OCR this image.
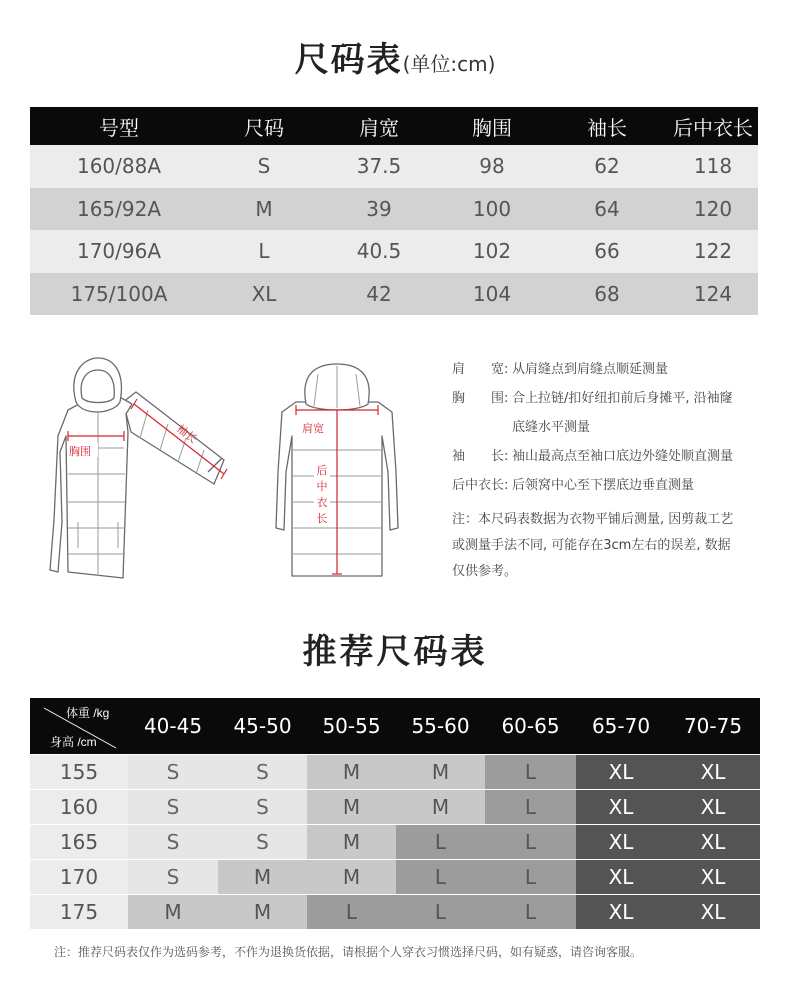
尺码表(单位:cm)
号型	尺码	肩宽	胸围	袖长	后中衣长
160/88A	S	37.5	98	62	118
165/92A	M	39	100	64	120
170/96A	L	40.5	102	66	122
175/100A	XL	42	104	68	124
胸围
袖长	肩宽
后中衣长
肩　　宽: 从肩缝点到肩缝点顺延测量
胸　　围: 合上拉链/扣好纽扣前后身摊平, 沿袖窿
底缝水平测量
袖　　长: 袖山最高点至袖口底边外缝处顺直测量
后中衣长: 后领窝中心至下摆底边垂直测量
注：本尺码表数据为衣物平铺后测量, 因剪裁工艺
或测量手法不同, 可能存在3cm左右的误差, 数据
仅供参考。
推荐尺码表
体重 /kg
身高 /cm
40-45	45-50	50-55	55-60	60-65	65-70	70-75
155	S	S	M	M	L	XL	XL
160	S	S	M	M	L	XL	XL
165	S	S	M	L	L	XL	XL
170	S	M	M	L	L	XL	XL
175	M	M	L	L	L	XL	XL
注：推荐尺码表仅作为选码参考，不作为退换货依据，请根据个人穿衣习惯选择尺码，如有疑惑，请咨询客服。
